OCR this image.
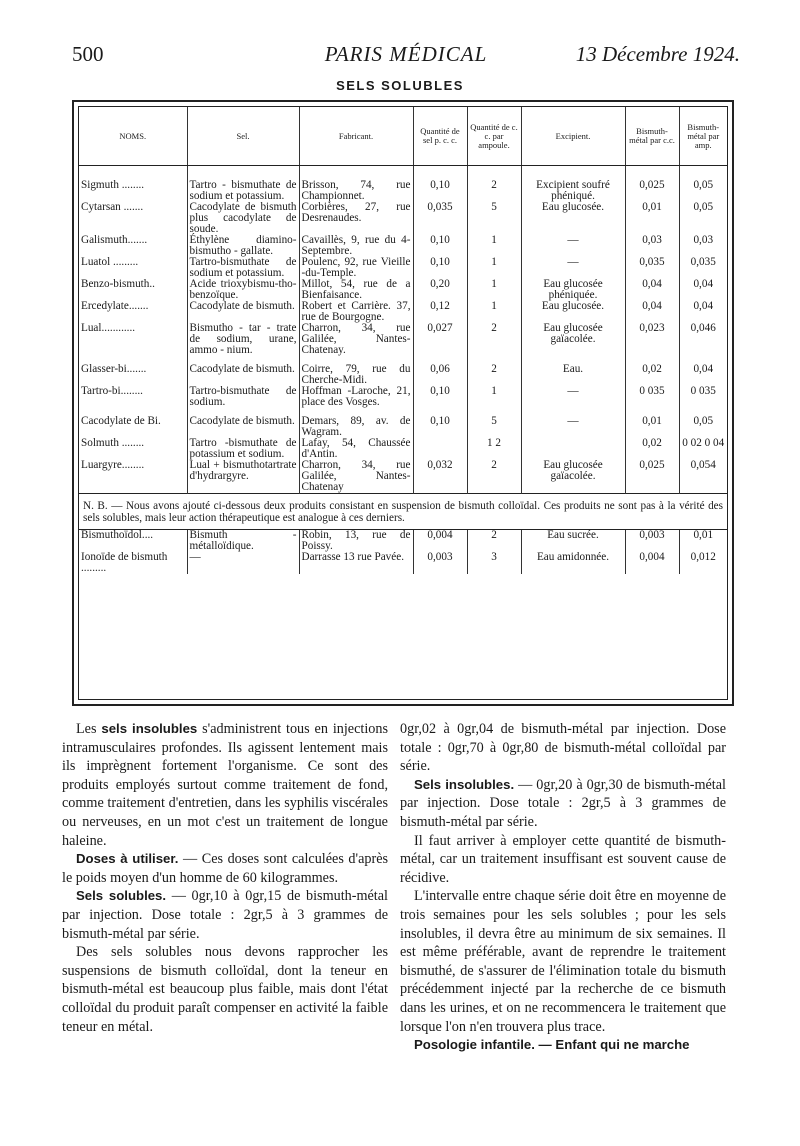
500	PARIS MÉDICAL	13 Décembre 1924.
SELS SOLUBLES
NOMS.	Sel.	Fabricant.	Quantité de sel p. c. c.	Quantité de c. c. par ampoule.	Excipient.	Bismuth-métal par c.c.	Bismuth-métal par amp.
Sigmuth ........	Tartro - bismuthate de sodium et potassium.	Brisson, 74, rue Championnet.	0,10	2	Excipient soufré phéniqué.	0,025	0,05
Cytarsan .......	Cacodylate de bismuth plus cacodylate de soude.	Corbières, 27, rue Desrenaudes.	0,035	5	Eau glucosée.	0,01	0,05
Galismuth.......	Éthylène diamino-bismutho - gallate.	Cavaillès, 9, rue du 4-Septembre.	0,10	1	—	0,03	0,03
Luatol .........	Tartro-bismuthate de sodium et potassium.	Poulenc, 92, rue Vieille -du-Temple.	0,10	1	—	0,035	0,035
Benzo-bismuth..	Acide trioxybismu-tho-benzoïque.	Millot, 54, rue de a Bienfaisance.	0,20	1	Eau glucosée phéniquée.	0,04	0,04
Ercedylate.......	Cacodylate de bismuth.	Robert et Carrière. 37, rue de Bourgogne.	0,12	1	Eau glucosée.	0,04	0,04
Lual............	Bismutho - tar - trate de sodium, urane, ammo - nium.	Charron, 34, rue Galilée, Nantes-Chatenay.	0,027	2	Eau glucosée gaïacolée.	0,023	0,046
Glasser-bi.......	Cacodylate de bismuth.	Coirre, 79, rue du Cherche-Midi.	0,06	2	Eau.	0,02	0,04
Tartro-bi........	Tartro-bismuthate de sodium.	Hoffman -Laroche, 21, place des Vosges.	0,10	1	—	0 035	0 035
Cacodylate de Bi.	Cacodylate de bismuth.	Demars, 89, av. de Wagram.	0,10	5	—	0,01	0,05
Solmuth ........	Tartro -bismuthate de potassium et sodium.	Lafay, 54, Chaussée d'Antin.		1 2		0,02	0 02 0 04
Luargyre........	Lual + bismuthotartrate d'hydrargyre.	Charron, 34, rue Galilée, Nantes-Chatenay	0,032	2	Eau glucosée gaïacolée.	0,025	0,054
N. B. — Nous avons ajouté ci-dessous deux produits consistant en suspension de bismuth colloïdal. Ces produits ne sont pas à la vérité des sels solubles, mais leur action thérapeutique est analogue à ces derniers.							
Bismuthoïdol....	Bismuth -métalloïdique.	Robin, 13, rue de Poissy.	0,004	2	Eau sucrée.	0,003	0,01
Ionoïde de bismuth .........	—	Darrasse 13 rue Pavée.	0,003	3	Eau amidonnée.	0,004	0,012

Les sels insolubles s'administrent tous en injections intramusculaires profondes. Ils agissent lentement mais ils imprègnent fortement l'organisme. Ce sont des produits employés surtout comme traitement de fond, comme traitement d'entretien, dans les syphilis viscérales ou nerveuses, en un mot c'est un traitement de longue haleine.

Doses à utiliser. — Ces doses sont calculées d'après le poids moyen d'un homme de 60 kilogrammes.

Sels solubles. — 0gr,10 à 0gr,15 de bismuth-métal par injection. Dose totale : 2gr,5 à 3 grammes de bismuth-métal par série.

Des sels solubles nous devons rapprocher les suspensions de bismuth colloïdal, dont la teneur en bismuth-métal est beaucoup plus faible, mais dont l'état colloïdal du produit paraît compenser en activité la faible teneur en métal.

0gr,02 à 0gr,04 de bismuth-métal par injection. Dose totale : 0gr,70 à 0gr,80 de bismuth-métal colloïdal par série.

Sels insolubles. — 0gr,20 à 0gr,30 de bismuth-métal par injection. Dose totale : 2gr,5 à 3 grammes de bismuth-métal par série.

Il faut arriver à employer cette quantité de bismuth-métal, car un traitement insuffisant est souvent cause de récidive.

L'intervalle entre chaque série doit être en moyenne de trois semaines pour les sels solubles ; pour les sels insolubles, il devra être au minimum de six semaines. Il est même préférable, avant de reprendre le traitement bismuthé, de s'assurer de l'élimination totale du bismuth précédemment injecté par la recherche de ce bismuth dans les urines, et on ne recommencera le traitement que lorsque l'on n'en trouvera plus trace.

Posologie infantile. — Enfant qui ne marche
